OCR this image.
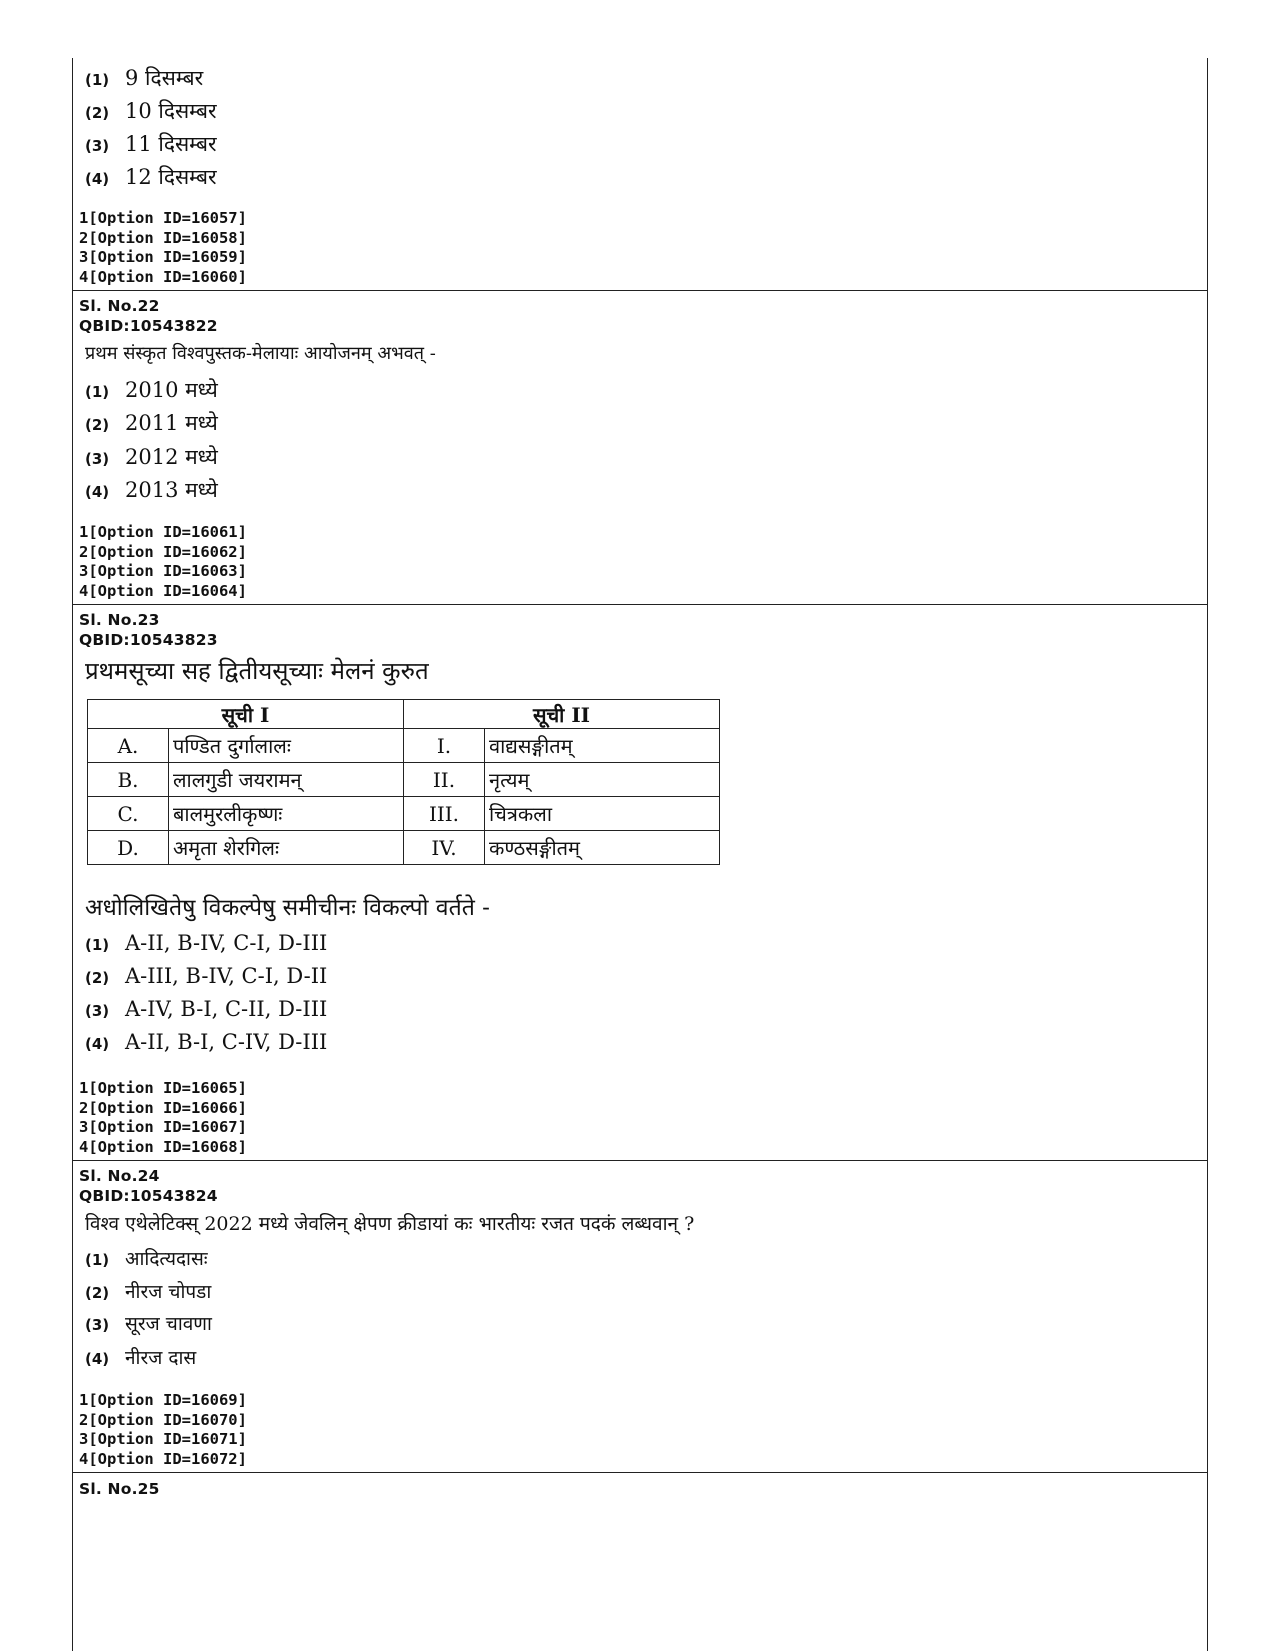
(1) 9 दिसम्बर
(2) 10 दिसम्बर
(3) 11 दिसम्बर
(4) 12 दिसम्बर
1[Option ID=16057]
2[Option ID=16058]
3[Option ID=16059]
4[Option ID=16060]
Sl. No.22
QBID:10543822
प्रथम संस्कृत विश्वपुस्तक-मेलायाः आयोजनम् अभवत् -
(1) 2010 मध्ये
(2) 2011 मध्ये
(3) 2012 मध्ये
(4) 2013 मध्ये
1[Option ID=16061]
2[Option ID=16062]
3[Option ID=16063]
4[Option ID=16064]
Sl. No.23
QBID:10543823
प्रथमसूच्या सह द्वितीयसूच्याः मेलनं कुरुत
सूची I		सूची II	
A.	पण्डित दुर्गालालः	I.	वाद्यसङ्गीतम्
B.	लालगुडी जयरामन्	II.	नृत्यम्
C.	बालमुरलीकृष्णः	III.	चित्रकला
D.	अमृता शेरगिलः	IV.	कण्ठसङ्गीतम्
अधोलिखितेषु विकल्पेषु समीचीनः विकल्पो वर्तते -
(1) A-II, B-IV, C-I, D-III
(2) A-III, B-IV, C-I, D-II
(3) A-IV, B-I, C-II, D-III
(4) A-II, B-I, C-IV, D-III
1[Option ID=16065]
2[Option ID=16066]
3[Option ID=16067]
4[Option ID=16068]
Sl. No.24
QBID:10543824
विश्व एथेलेटिक्स् 2022 मध्ये जेवलिन् क्षेपण क्रीडायां कः भारतीयः रजत पदकं लब्धवान् ?
(1) आदित्यदासः
(2) नीरज चोपडा
(3) सूरज चावणा
(4) नीरज दास
1[Option ID=16069]
2[Option ID=16070]
3[Option ID=16071]
4[Option ID=16072]
Sl. No.25
